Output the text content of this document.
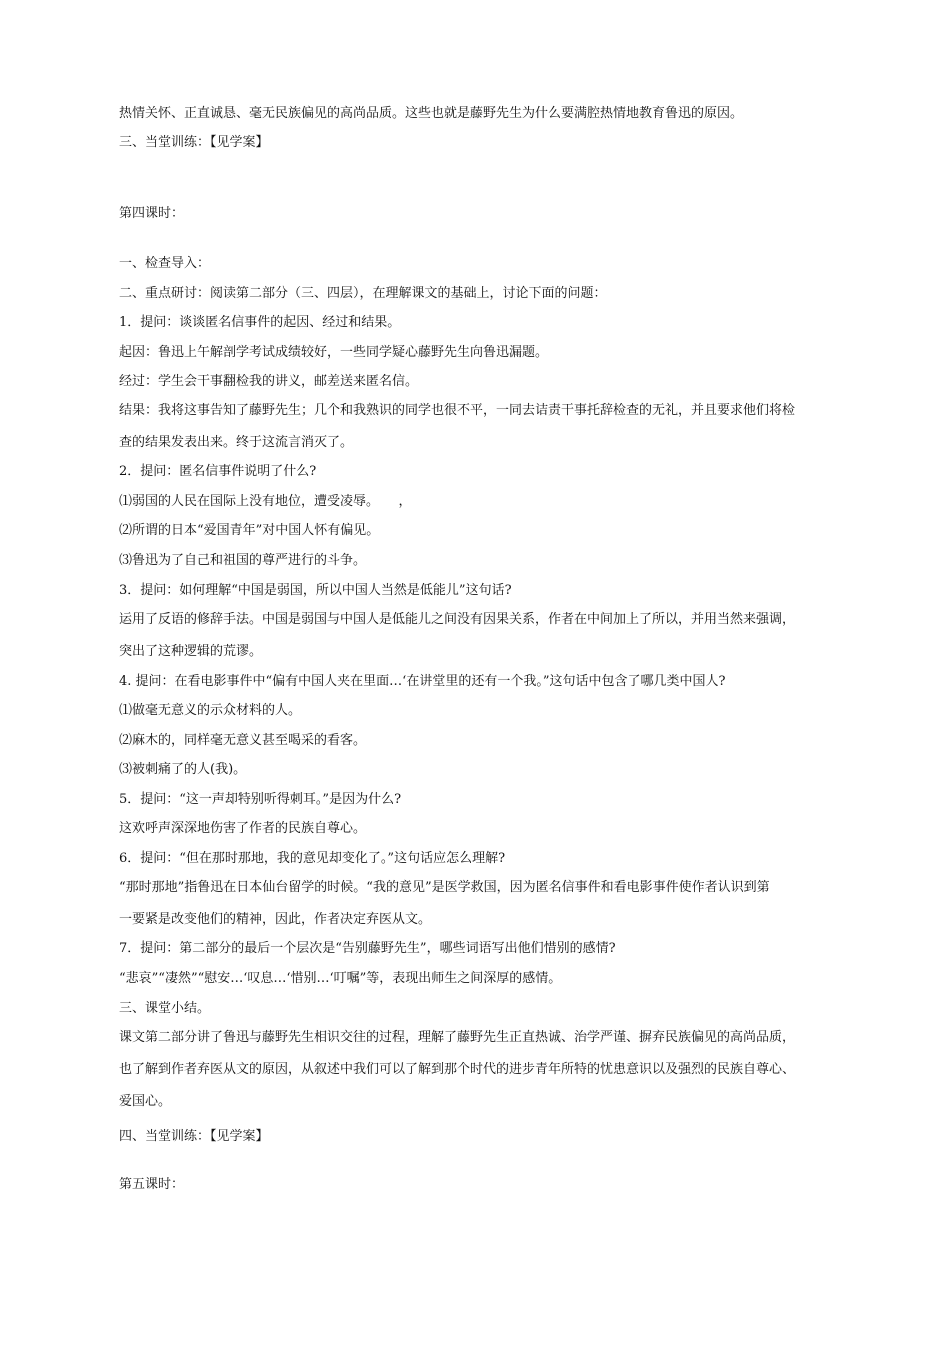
热情关怀、正直诚恳、毫无民族偏见的高尚品质。这些也就是藤野先生为什么要满腔热情地教育鲁迅的原因。

三、当堂训练：【见学案】

第四课时：

一、检查导入：

二、重点研讨：阅读第二部分（三、四层），在理解课文的基础上，讨论下面的问题：

1．提问：谈谈匿名信事件的起因、经过和结果。

起因：鲁迅上午解剖学考试成绩较好，一些同学疑心藤野先生向鲁迅漏题。

经过：学生会干事翻检我的讲义，邮差送来匿名信。

结果：我将这事告知了藤野先生；几个和我熟识的同学也很不平，一同去诘责干事托辞检查的无礼，并且要求他们将检

查的结果发表出来。终于这流言消灭了。

2．提问：匿名信事件说明了什么?

⑴弱国的人民在国际上没有地位，遭受凌辱。　　，

⑵所谓的日本“爱国青年”对中国人怀有偏见。

⑶鲁迅为了自己和祖国的尊严进行的斗争。

3．提问：如何理解“中国是弱国，所以中国人当然是低能儿”这句话?

运用了反语的修辞手法。中国是弱国与中国人是低能儿之间没有因果关系，作者在中间加上了所以，并用当然来强调，

突出了这种逻辑的荒谬。

4. 提问：在看电影事件中“偏有中国人夹在里面…‘在讲堂里的还有一个我。”这句话中包含了哪几类中国人?

⑴做毫无意义的示众材料的人。

⑵麻木的，同样毫无意义甚至喝采的看客。

⑶被刺痛了的人(我)。

5．提问：“这一声却特别听得刺耳。”是因为什么?

这欢呼声深深地伤害了作者的民族自尊心。

6．提问：“但在那时那地，我的意见却变化了。”这句话应怎么理解?

“那时那地”指鲁迅在日本仙台留学的时候。“我的意见”是医学救国，因为匿名信事件和看电影事件使作者认识到第

一要紧是改变他们的精神，因此，作者决定弃医从文。

7．提问：第二部分的最后一个层次是“告别藤野先生”，哪些词语写出他们惜别的感情?

“悲哀”“凄然”“慰安…‘叹息…‘惜别…‘叮嘱”等，表现出师生之间深厚的感情。

三、课堂小结。

课文第二部分讲了鲁迅与藤野先生相识交往的过程，理解了藤野先生正直热诚、治学严谨、摒弃民族偏见的高尚品质，

也了解到作者弃医从文的原因，从叙述中我们可以了解到那个时代的进步青年所特的忧患意识以及强烈的民族自尊心、

爱国心。

四、当堂训练：【见学案】

第五课时：
